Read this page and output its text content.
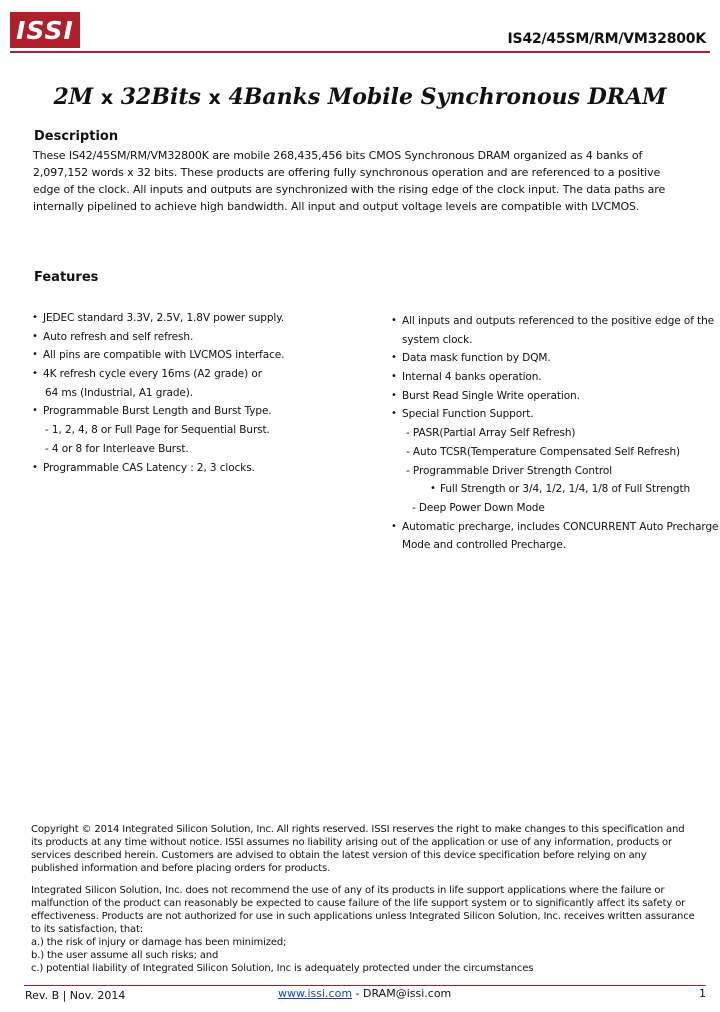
ISSI	IS42/45SM/RM/VM32800K
2M x 32Bits x 4Banks Mobile Synchronous DRAM
Description
These IS42/45SM/RM/VM32800K are mobile 268,435,456 bits CMOS Synchronous DRAM organized as 4 banks of 2,097,152 words x 32 bits. These products are offering fully synchronous operation and are referenced to a positive edge of the clock. All inputs and outputs are synchronized with the rising edge of the clock input. The data paths are internally pipelined to achieve high bandwidth. All input and output voltage levels are compatible with LVCMOS.
Features
• JEDEC standard 3.3V, 2.5V, 1.8V power supply.
• Auto refresh and self refresh.
• All pins are compatible with LVCMOS interface.
• 4K refresh cycle every 16ms (A2 grade) or
64 ms (Industrial, A1 grade).
• Programmable Burst Length and Burst Type.
- 1, 2, 4, 8 or Full Page for Sequential Burst.
- 4 or 8 for Interleave Burst.
• Programmable CAS Latency : 2, 3 clocks.
• All inputs and outputs referenced to the positive edge of the
system clock.
• Data mask function by DQM.
• Internal 4 banks operation.
• Burst Read Single Write operation.
• Special Function Support.
- PASR(Partial Array Self Refresh)
- Auto TCSR(Temperature Compensated Self Refresh)
- Programmable Driver Strength Control
• Full Strength or 3/4, 1/2, 1/4, 1/8 of Full Strength
- Deep Power Down Mode
• Automatic precharge, includes CONCURRENT Auto Precharge
Mode and controlled Precharge.

Copyright © 2014 Integrated Silicon Solution, Inc. All rights reserved. ISSI reserves the right to make changes to this specification and its products at any time without notice. ISSI assumes no liability arising out of the application or use of any information, products or services described herein. Customers are advised to obtain the latest version of this device specification before relying on any published information and before placing orders for products.

Integrated Silicon Solution, Inc. does not recommend the use of any of its products in life support applications where the failure or malfunction of the product can reasonably be expected to cause failure of the life support system or to significantly affect its safety or effectiveness. Products are not authorized for use in such applications unless Integrated Silicon Solution, Inc. receives written assurance to its satisfaction, that:

a.) the risk of injury or damage has been minimized;

b.) the user assume all such risks; and

c.) potential liability of Integrated Silicon Solution, Inc is adequately protected under the circumstances

Rev. B | Nov. 2014	www.issi.com - DRAM@issi.com	1
